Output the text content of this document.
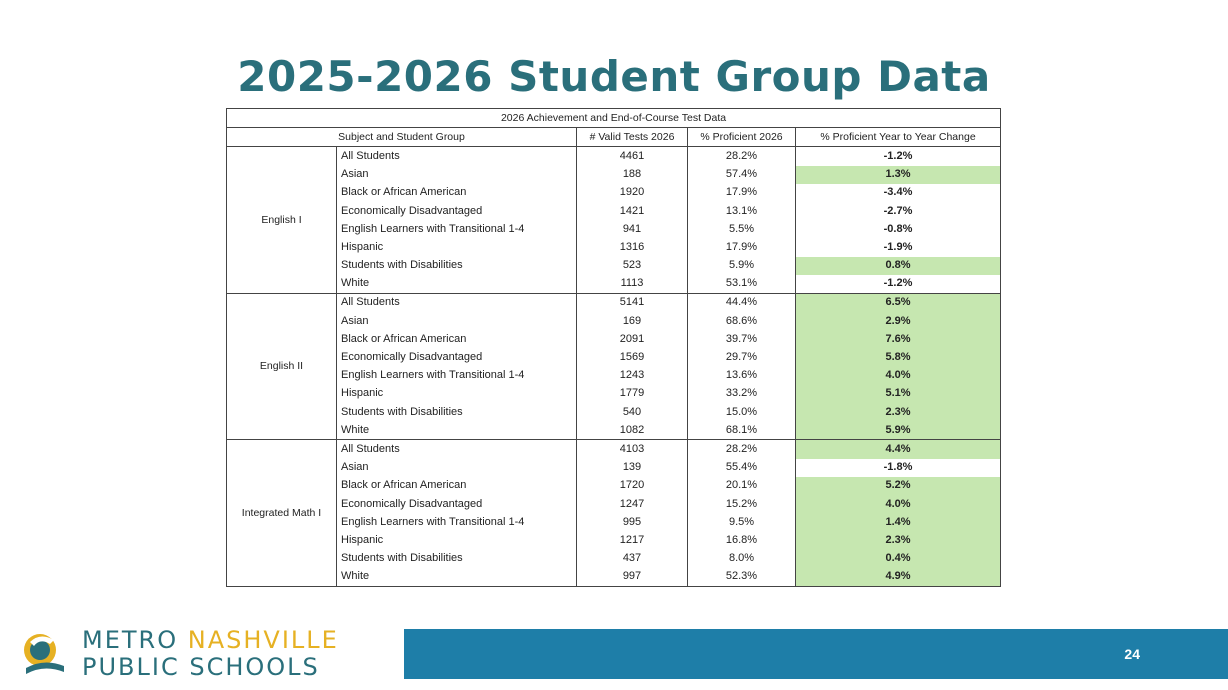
2025-2026 Student Group Data
2026 Achievement and End-of-Course Test Data				
Subject and Student Group		# Valid Tests 2026	% Proficient 2026	% Proficient Year to Year Change
English I	All Students	4461	28.2%	-1.2%
	Asian	188	57.4%	1.3%
	Black or African American	1920	17.9%	-3.4%
	Economically Disadvantaged	1421	13.1%	-2.7%
	English Learners with Transitional 1-4	941	5.5%	-0.8%
	Hispanic	1316	17.9%	-1.9%
	Students with Disabilities	523	5.9%	0.8%
	White	1113	53.1%	-1.2%
English II	All Students	5141	44.4%	6.5%
	Asian	169	68.6%	2.9%
	Black or African American	2091	39.7%	7.6%
	Economically Disadvantaged	1569	29.7%	5.8%
	English Learners with Transitional 1-4	1243	13.6%	4.0%
	Hispanic	1779	33.2%	5.1%
	Students with Disabilities	540	15.0%	2.3%
	White	1082	68.1%	5.9%
Integrated Math I	All Students	4103	28.2%	4.4%
	Asian	139	55.4%	-1.8%
	Black or African American	1720	20.1%	5.2%
	Economically Disadvantaged	1247	15.2%	4.0%
	English Learners with Transitional 1-4	995	9.5%	1.4%
	Hispanic	1217	16.8%	2.3%
	Students with Disabilities	437	8.0%	0.4%
	White	997	52.3%	4.9%
METRO NASHVILLE
PUBLIC SCHOOLS	24
